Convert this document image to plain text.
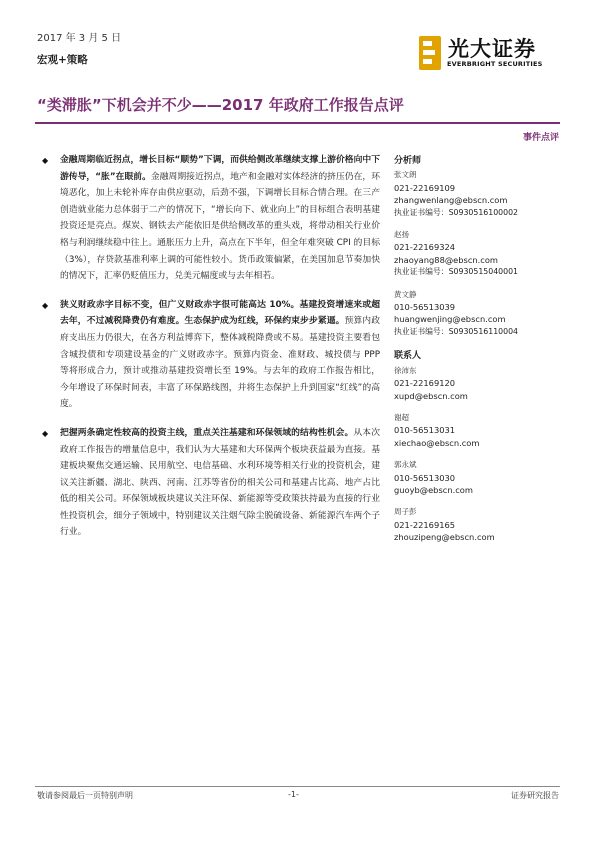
2017 年 3 月 5 日
宏观+策略	光大证券
EVERBRIGHT SECURITIES
“类滞胀”下机会并不少——2017 年政府工作报告点评
事件点评
◆ 金融周期临近拐点，增长目标“顺势”下调，而供给侧改革继续支撑上游价格向中下游传导，“胀”在眼前。金融周期接近拐点，地产和金融对实体经济的挤压仍在，环境恶化，加上未轮补库存由供应驱动，后劲不强，下调增长目标合情合理。在三产创造就业能力总体弱于二产的情况下，“增长向下、就业向上”的目标组合表明基建投资还是亮点。煤炭、钢铁去产能依旧是供给侧改革的重头戏，将带动相关行业价格与利润继续稳中往上。通胀压力上升，高点在下半年，但全年难突破 CPI 的目标（3%），存贷款基准利率上调的可能性较小。货币政策偏紧，在美国加息节奏加快的情况下，汇率仍贬值压力，兑美元幅度或与去年相若。
◆ 狭义财政赤字目标不变，但广义财政赤字很可能高达 10%。基建投资增速来或超去年，不过减税降费仍有难度。生态保护成为红线，环保约束步步紧逼。预算内政府支出压力仍很大，在各方利益博弈下，整体减税降费或不易。基建投资主要看包含城投债和专项建设基金的广义财政赤字。预算内资金、准财政、城投债与 PPP 等将形成合力，预计或推动基建投资增长至 19%。与去年的政府工作报告相比，今年增设了环保时间表，丰富了环保路线图，并将生态保护上升到国家“红线”的高度。
◆ 把握两条确定性较高的投资主线，重点关注基建和环保领域的结构性机会。从本次政府工作报告的增量信息中，我们认为大基建和大环保两个板块获益最为直接。基建板块聚焦交通运输、民用航空、电信基础、水利环境等相关行业的投资机会，建议关注新疆、湖北、陕西、河南、江苏等省份的相关公司和基建占比高、地产占比低的相关公司。环保领域板块建议关注环保、新能源等受政策扶持最为直接的行业性投资机会，细分子领域中，特别建议关注烟气除尘脱硫设备、新能源汽车两个子行业。
分析师
张文朗
021-22169109
zhangwenlang@ebscn.com
执业证书编号：S0930516100002
赵扬
021-22169324
zhaoyang88@ebscn.com
执业证书编号：S0930515040001
黄文静
010-56513039
huangwenjing@ebscn.com
执业证书编号：S0930516110004
联系人
徐沛东
021-22169120
xupd@ebscn.com
谢超
010-56513031
xiechao@ebscn.com
郭永斌
010-56513030
guoyb@ebscn.com
周子彭
021-22169165
zhouzipeng@ebscn.com
敬请参阅最后一页特别声明	-1-	证券研究报告
